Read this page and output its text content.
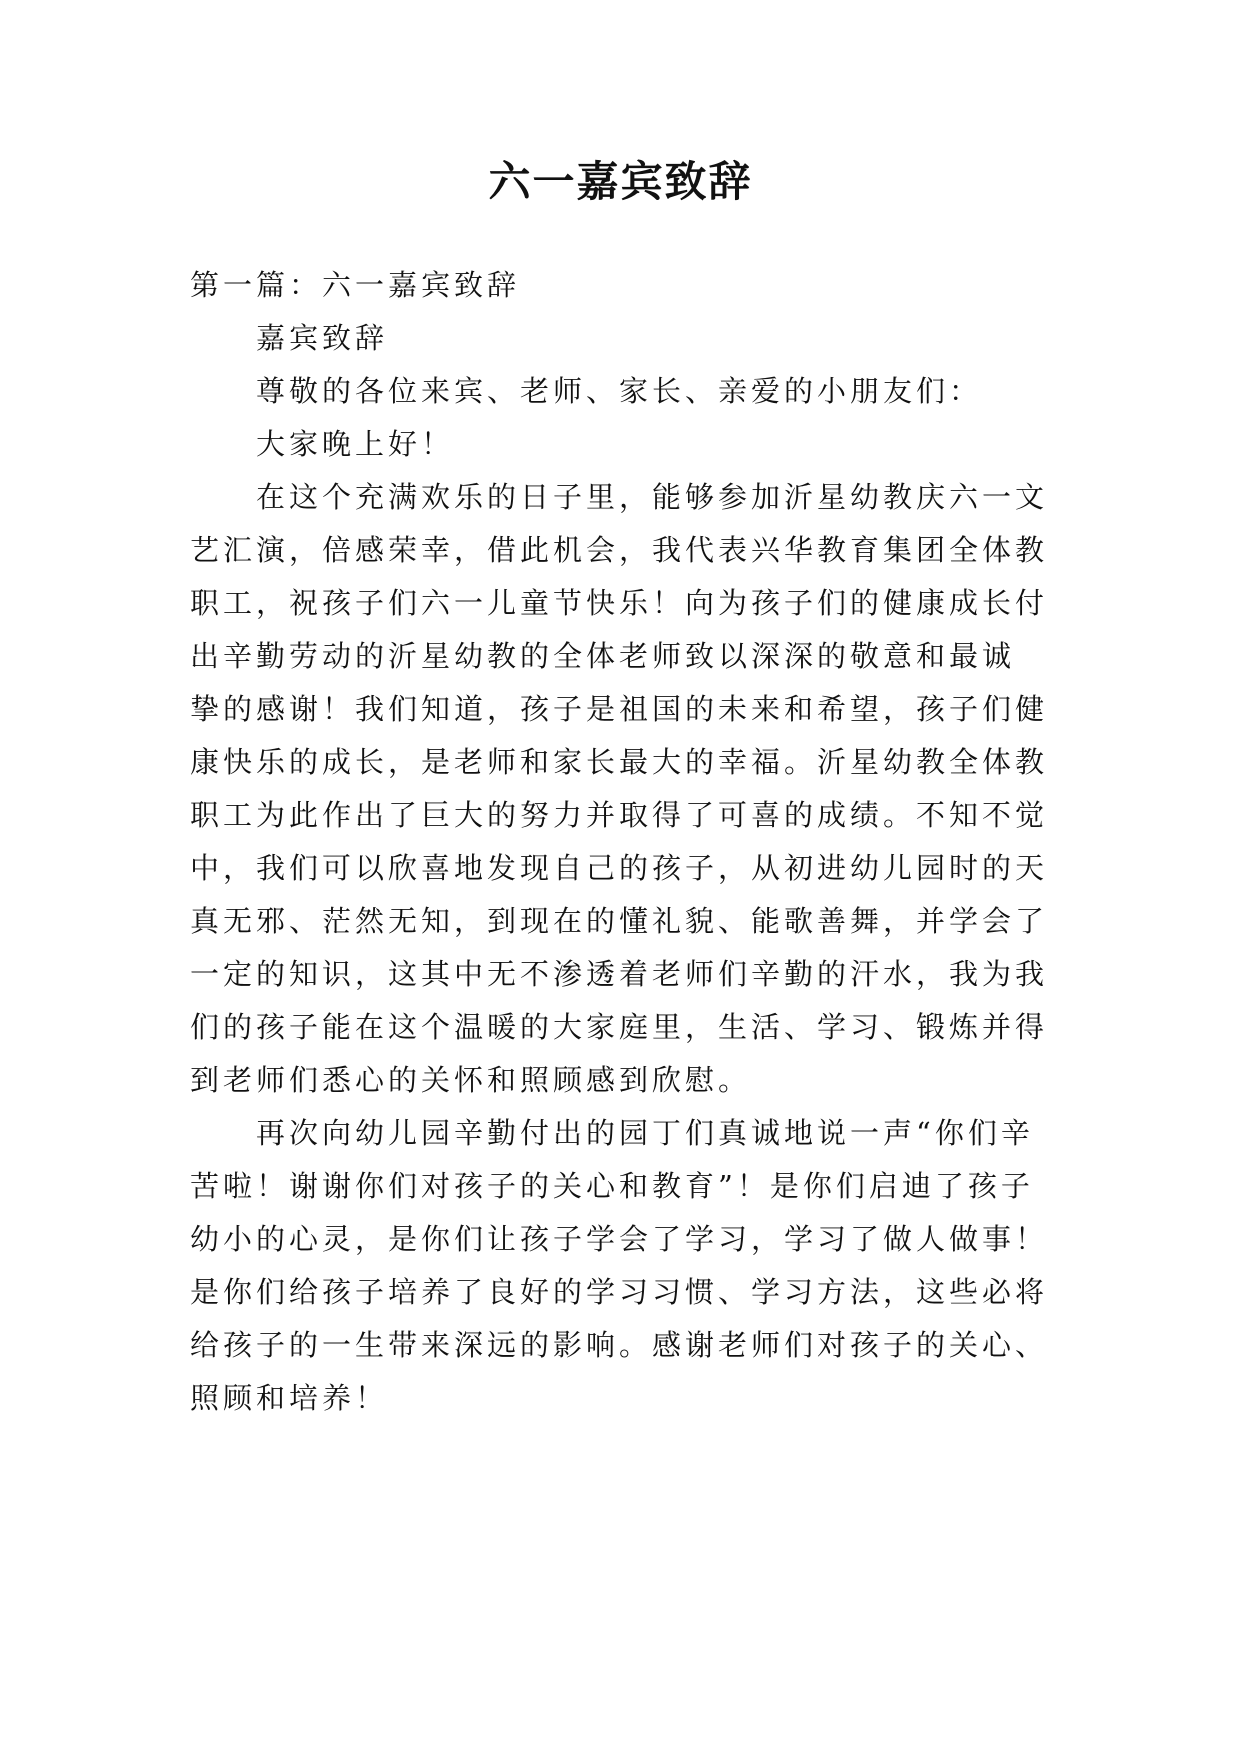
六一嘉宾致辞
第一篇：六一嘉宾致辞
嘉宾致辞
尊敬的各位来宾、老师、家长、亲爱的小朋友们：
大家晚上好！
在这个充满欢乐的日子里，能够参加沂星幼教庆六一文
艺汇演，倍感荣幸，借此机会，我代表兴华教育集团全体教
职工，祝孩子们六一儿童节快乐！向为孩子们的健康成长付
出辛勤劳动的沂星幼教的全体老师致以深深的敬意和最诚
挚的感谢！我们知道，孩子是祖国的未来和希望，孩子们健
康快乐的成长，是老师和家长最大的幸福。沂星幼教全体教
职工为此作出了巨大的努力并取得了可喜的成绩。不知不觉
中，我们可以欣喜地发现自己的孩子，从初进幼儿园时的天
真无邪、茫然无知，到现在的懂礼貌、能歌善舞，并学会了
一定的知识，这其中无不渗透着老师们辛勤的汗水，我为我
们的孩子能在这个温暖的大家庭里，生活、学习、锻炼并得
到老师们悉心的关怀和照顾感到欣慰。
再次向幼儿园辛勤付出的园丁们真诚地说一声“你们辛
苦啦！谢谢你们对孩子的关心和教育”！是你们启迪了孩子
幼小的心灵，是你们让孩子学会了学习，学习了做人做事！
是你们给孩子培养了良好的学习习惯、学习方法，这些必将
给孩子的一生带来深远的影响。感谢老师们对孩子的关心、
照顾和培养！
